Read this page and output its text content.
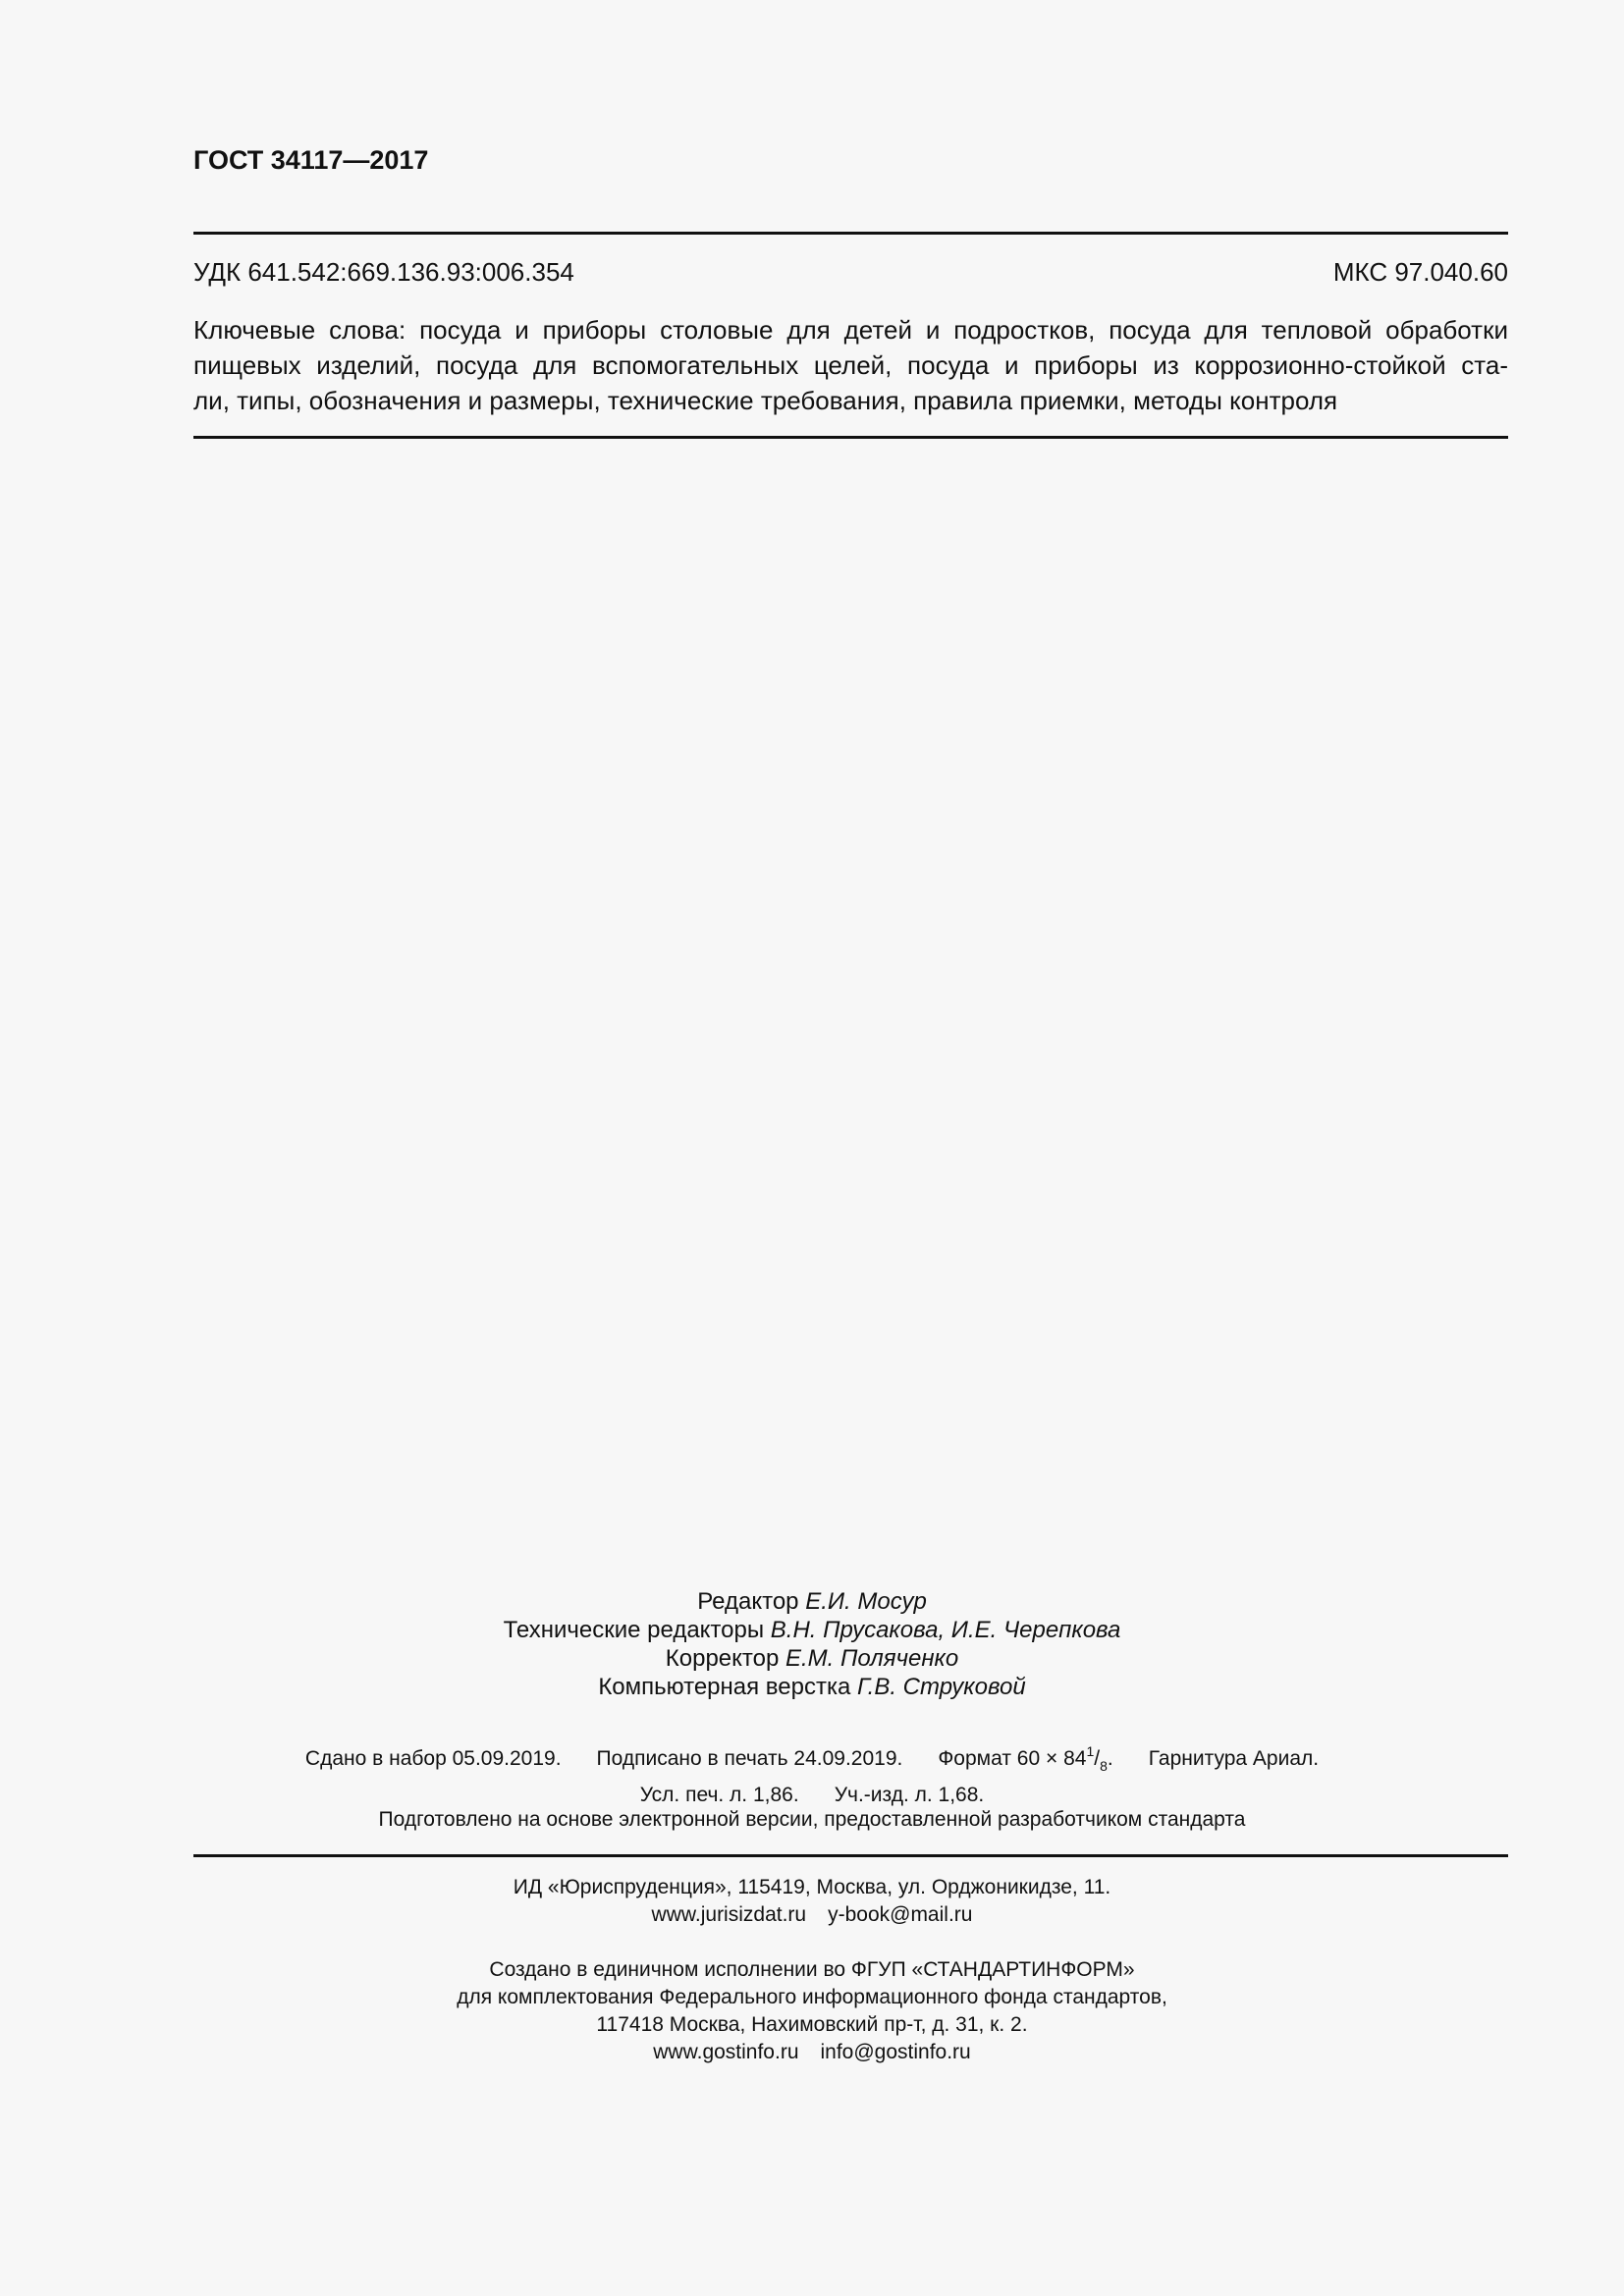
ГОСТ 34117—2017
УДК 641.542:669.136.93:006.354	МКС 97.040.60
Ключевые слова: посуда и приборы столовые для детей и подростков, посуда для тепловой обработки
пищевых изделий, посуда для вспомогательных целей, посуда и приборы из коррозионно-стойкой ста-
ли, типы, обозначения и размеры, технические требования, правила приемки, методы контроля
Редактор Е.И. Мосур
Технические редакторы В.Н. Прусакова, И.Е. Черепкова
Корректор Е.М. Поляченко
Компьютерная верстка Г.В. Струковой
Сдано в набор 05.09.2019. Подписано в печать 24.09.2019. Формат $60 \times 84^1/_8$. Гарнитура Ариал.
Усл. печ. л. 1,86. Уч.-изд. л. 1,68.
Подготовлено на основе электронной версии, предоставленной разработчиком стандарта
ИД «Юриспруденция», 115419, Москва, ул. Орджоникидзе, 11.
www.jurisizdat.ru y-book@mail.ru
Создано в единичном исполнении во ФГУП «СТАНДАРТИНФОРМ»
для комплектования Федерального информационного фонда стандартов,
117418 Москва, Нахимовский пр-т, д. 31, к. 2.
www.gostinfo.ru info@gostinfo.ru
